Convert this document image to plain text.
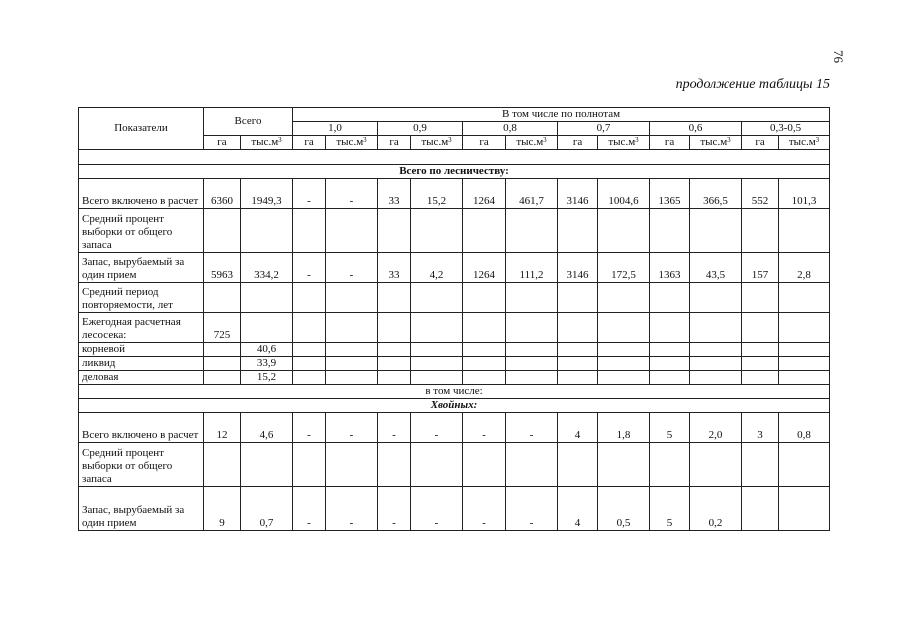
76
продолжение таблицы 15
Показатели	Всего		В том числе по полнотам											
			1,0		0,9		0,8		0,7		0,6		0,3-0,5	
	га	$тыс.м^3$	га	$тыс.м^3$	га	$тыс.м^3$	га	$тыс.м^3$	га	$тыс.м^3$	га	$тыс.м^3$	га	$тыс.м^3$

Всего по лесничеству:														
Всего включено в расчет	6360	1949,3	-	-	33	15,2	1264	461,7	3146	1004,6	1365	366,5	552	101,3
Средний процент выборки от общего запаса														
Запас, вырубаемый за один прием	5963	334,2	-	-	33	4,2	1264	111,2	3146	172,5	1363	43,5	157	2,8
Средний период повторяемости, лет														
Ежегодная расчетная лесосека:	725													
корневой		40,6												
ликвид		33,9												
деловая		15,2												
в том числе:														
Хвойных:														
Всего включено в расчет	12	4,6	-	-	-	-	-	-	4	1,8	5	2,0	3	0,8
Средний процент выборки от общего запаса														
Запас, вырубаемый за один прием	9	0,7	-	-	-	-	-	-	4	0,5	5	0,2		
